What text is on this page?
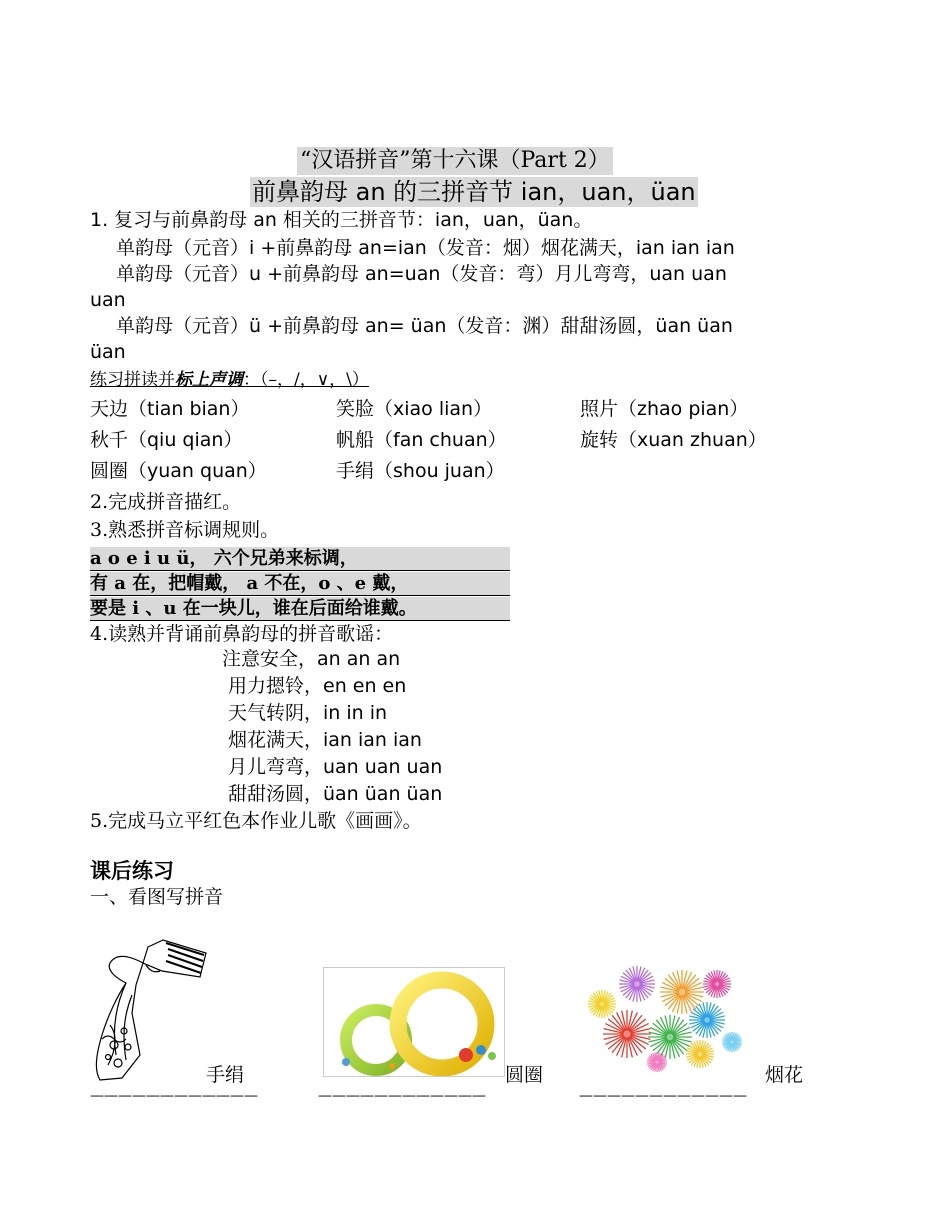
“汉语拼音”第十六课（Part 2）
前鼻韵母 an 的三拼音节 ian，uan，üan
1. 复习与前鼻韵母 an 相关的三拼音节：ian，uan，üan。
单韵母（元音）i +前鼻韵母 an=ian（发音：烟）烟花满天，ian ian ian
单韵母（元音）u +前鼻韵母 an=uan（发音：弯）月儿弯弯，uan uan
uan
单韵母（元音）ü +前鼻韵母 an= üan（发音：渊）甜甜汤圆，üan üan
üan
练习拼读并标上声调：（–，/，∨，\）
天边（tian bian）	笑脸（xiao lian）	照片（zhao pian）
秋千（qiu qian）	帆船（fan chuan）	旋转（xuan zhuan）
圆圈（yuan quan）	手绢（shou juan）
2.完成拼音描红。
3.熟悉拼音标调规则。
a o e i u ü， 六个兄弟来标调，
有 a 在，把帽戴， a 不在，o 、e 戴，
要是 i 、u 在一块儿，谁在后面给谁戴。
4.读熟并背诵前鼻韵母的拼音歌谣：
注意安全，an an an
用力摁铃，en en en
天气转阴，in in in
烟花满天，ian ian ian
月儿弯弯，uan uan uan
甜甜汤圆，üan üan üan
5.完成马立平红色本作业儿歌《画画》。
课后练习
一、看图写拼音
手绢
————————————
圆圈
————————————
烟花
————————————
